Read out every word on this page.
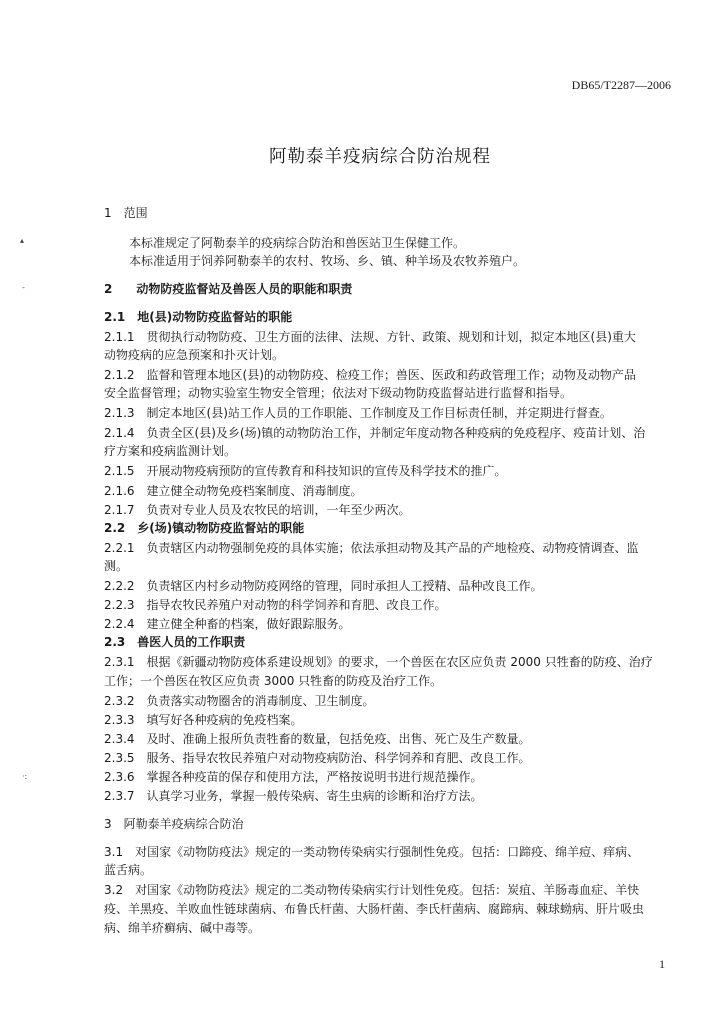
DB65/T2287—2006
阿勒泰羊疫病综合防治规程
▴
-
·:
1　范围
本标准规定了阿勒泰羊的疫病综合防治和兽医站卫生保健工作。
本标准适用于饲养阿勒泰羊的农村、牧场、乡、镇、种羊场及农牧养殖户。
2　　动物防疫监督站及兽医人员的职能和职责
2.1　地(县)动物防疫监督站的职能
2.1.1　贯彻执行动物防疫、卫生方面的法律、法规、方针、政策、规划和计划，拟定本地区(县)重大
动物疫病的应急预案和扑灭计划。
2.1.2　监督和管理本地区(县)的动物防疫、检疫工作；兽医、医政和药政管理工作；动物及动物产品
安全监督管理；动物实验室生物安全管理；依法对下级动物防疫监督站进行监督和指导。
2.1.3　制定本地区(县)站工作人员的工作职能、工作制度及工作目标责任制，并定期进行督查。
2.1.4　负责全区(县)及乡(场)镇的动物防治工作，并制定年度动物各种疫病的免疫程序、疫苗计划、治
疗方案和疫病监测计划。
2.1.5　开展动物疫病预防的宣传教育和科技知识的宣传及科学技术的推广。
2.1.6　建立健全动物免疫档案制度、消毒制度。
2.1.7　负责对专业人员及农牧民的培训，一年至少两次。
2.2　乡(场)镇动物防疫监督站的职能
2.2.1　负责辖区内动物强制免疫的具体实施；依法承担动物及其产品的产地检疫、动物疫情调查、监
测。
2.2.2　负责辖区内村乡动物防疫网络的管理，同时承担人工授精、品种改良工作。
2.2.3　指导农牧民养殖户对动物的科学饲养和育肥、改良工作。
2.2.4　建立健全种畜的档案，做好跟踪服务。
2.3　兽医人员的工作职责
2.3.1　根据《新疆动物防疫体系建设规划》的要求，一个兽医在农区应负责 2000 只牲畜的防疫、治疗
工作；一个兽医在牧区应负责 3000 只牲畜的防疫及治疗工作。
2.3.2　负责落实动物圈舍的消毒制度、卫生制度。
2.3.3　填写好各种疫病的免疫档案。
2.3.4　及时、准确上报所负责牲畜的数量，包括免疫、出售、死亡及生产数量。
2.3.5　服务、指导农牧民养殖户对动物疫病防治、科学饲养和育肥、改良工作。
2.3.6　掌握各种疫苗的保存和使用方法，严格按说明书进行规范操作。
2.3.7　认真学习业务，掌握一般传染病、寄生虫病的诊断和治疗方法。
3　阿勒泰羊疫病综合防治
3.1　对国家《动物防疫法》规定的一类动物传染病实行强制性免疫。包括：口蹄疫、绵羊痘、痒病、
蓝舌病。
3.2　对国家《动物防疫法》规定的二类动物传染病实行计划性免疫。包括：炭疽、羊肠毒血症、羊快
疫、羊黑疫、羊败血性链球菌病、布鲁氏杆菌、大肠杆菌、李氏杆菌病、腐蹄病、棘球蚴病、肝片吸虫
病、绵羊疥癣病、碱中毒等。
1
